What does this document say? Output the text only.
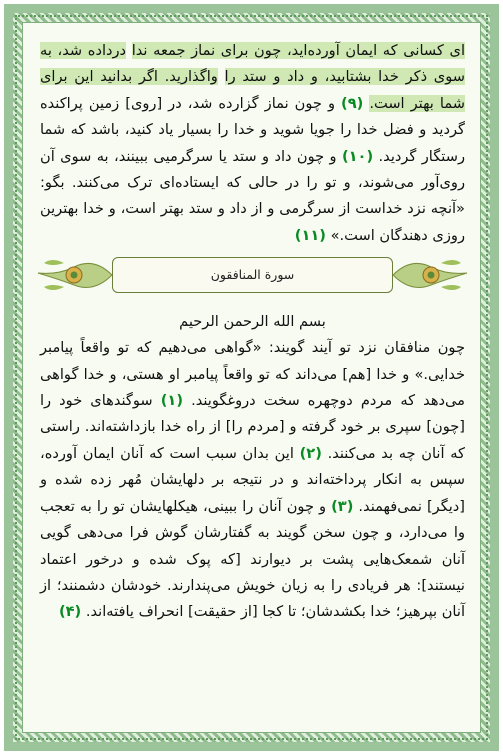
ای کسانی که ایمان آورده‌اید، چون برای نماز جمعه ندا درداده شد، به سوی ذکر خدا بشتابید، و داد و ستد را واگذارید. اگر بدانید این برای شما بهتر است. (۹) و چون نماز گزارده شد، در [روی] زمین پراکنده گردید و فضل خدا را جویا شوید و خدا را بسیار یاد کنید، باشد که شما رستگار گردید. (۱۰) و چون داد و ستد یا سرگرمیی ببینند، به سوی آن روی‌آور می‌شوند، و تو را در حالی که ایستاده‌ای ترک می‌کنند. بگو: «آنچه نزد خداست از سرگرمی و از داد و ستد بهتر است، و خدا بهترین روزی دهندگان است.» (۱۱)

سورة المنافقون

بسم الله الرحمن الرحيم

چون منافقان نزد تو آیند گویند: «گواهی می‌دهیم که تو واقعاً پیامبر خدایی.» و خدا [هم] می‌داند که تو واقعاً پیامبر او هستی، و خدا گواهی می‌دهد که مردم دوچهره سخت دروغگویند. (۱) سوگندهای خود را [چون] سپری بر خود گرفته و [مردم را] از راه خدا بازداشته‌اند. راستی که آنان چه بد می‌کنند. (۲) این بدان سبب است که آنان ایمان آورده، سپس به انکار پرداخته‌اند و در نتیجه بر دلهایشان مُهر زده شده و [دیگر] نمی‌فهمند. (۳) و چون آنان را ببینی، هیکلهایشان تو را به تعجب وا می‌دارد، و چون سخن گویند به گفتارشان گوش فرا می‌دهی گویی آنان شمعک‌هایی پشت بر دیوارند [که پوک شده و درخور اعتماد نیستند]: هر فریادی را به زیان خویش می‌پندارند. خودشان دشمنند؛ از آنان بپرهیز؛ خدا بکشدشان؛ تا کجا [از حقیقت] انحراف یافته‌اند. (۴)
